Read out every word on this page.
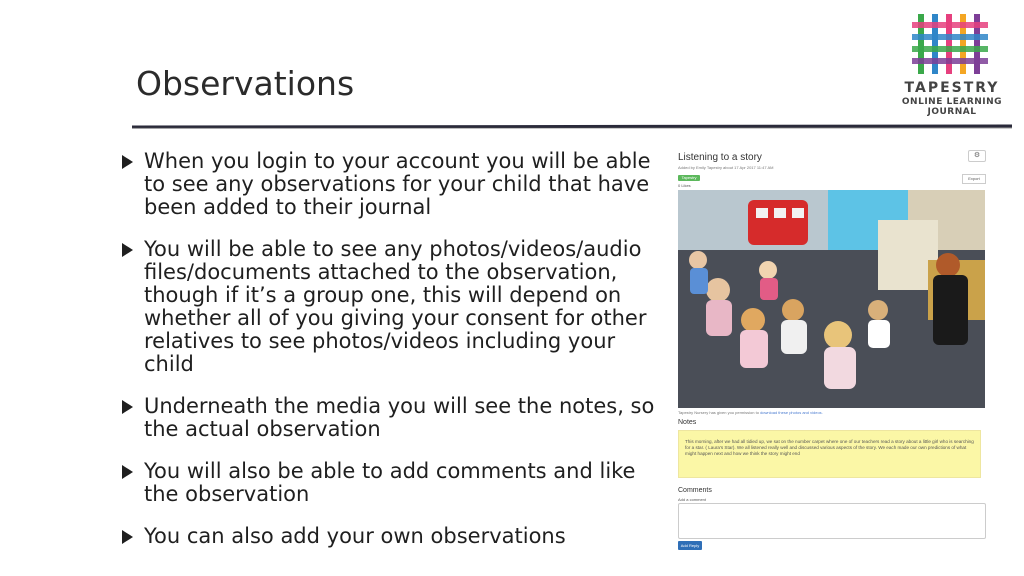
Observations	TAPESTRY
ONLINE LEARNING
JOURNAL
When you login to your account you will be able to see any observations for your child that have been added to their journal
You will be able to see any photos/videos/audio files/documents attached to the observation, though if it’s a group one, this will depend on whether all of you giving your consent for other relatives to see photos/videos including your child
Underneath the media you will see the notes, so the actual observation
You will also be able to add comments and like the observation
You can also add your own observations
Listening to a story	⚙
Added by Emily Tapestry about 17 Apr 2017 11:47 AM
Tapestry	Export
0 Likes
Tapestry Nursery has given you permission to download these photos and videos.
Notes
This morning, after we had all tidied up, we sat on the number carpet where one of our teachers read a story about a little girl who is searching for a star. ( Laura's Star). We all listened really well and discussed various aspects of the story. We each made our own predictions of what might happen next and how we think the story might end
Comments
Add a comment
Add Reply
